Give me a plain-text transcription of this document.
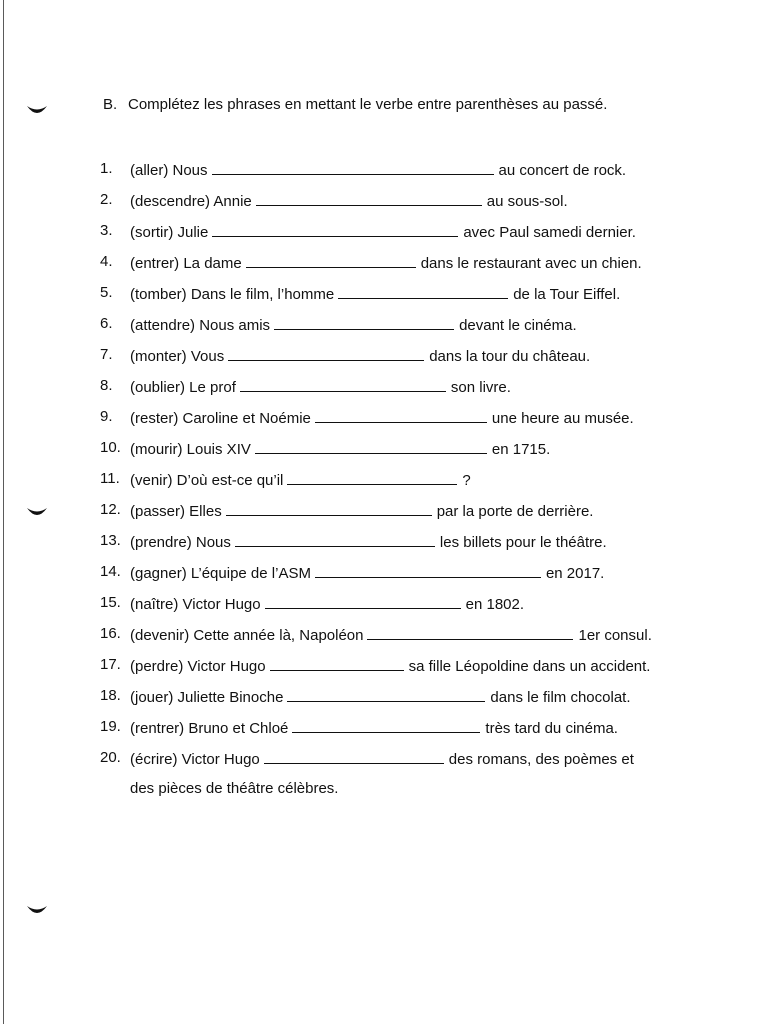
B. Complétez les phrases en mettant le verbe entre parenthèses au passé.
1. (aller) Nous	au concert de rock.
2. (descendre) Annie	au sous-sol.
3. (sortir) Julie	avec Paul samedi dernier.
4. (entrer) La dame	dans le restaurant avec un chien.
5. (tomber) Dans le film, l’homme	de la Tour Eiffel.
6. (attendre) Nous amis	devant le cinéma.
7. (monter) Vous	dans la tour du château.
8. (oublier) Le prof	son livre.
9. (rester) Caroline et Noémie	une heure au musée.
10. (mourir) Louis XIV	en 1715.
11. (venir) D’où est-ce qu’il	?
12. (passer) Elles	par la porte de derrière.
13. (prendre) Nous	les billets pour le théâtre.
14. (gagner) L’équipe de l’ASM	en 2017.
15. (naître) Victor Hugo	en 1802.
16. (devenir) Cette année là, Napoléon	1er consul.
17. (perdre) Victor Hugo	sa fille Léopoldine dans un accident.
18. (jouer) Juliette Binoche	dans le film chocolat.
19. (rentrer) Bruno et Chloé	très tard du cinéma.
20. (écrire) Victor Hugo	des romans, des poèmes et
des pièces de théâtre célèbres.
